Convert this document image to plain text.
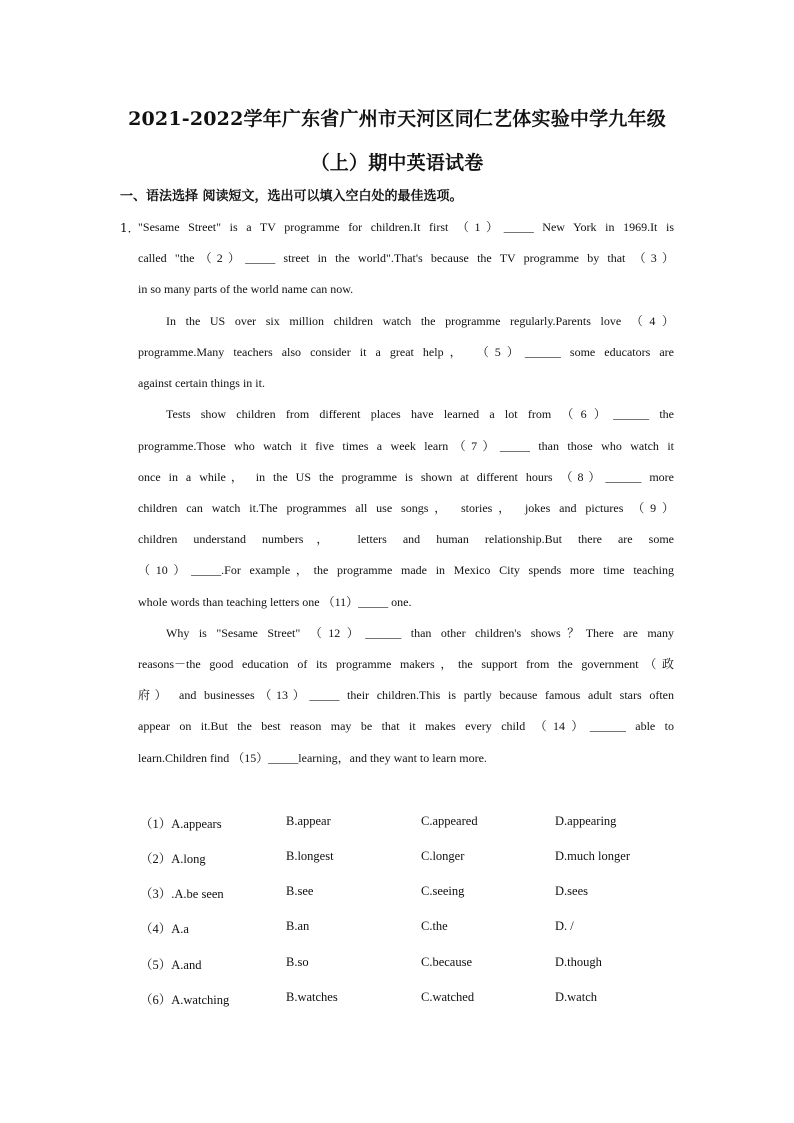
2021-2022学年广东省广州市天河区同仁艺体实验中学九年级
（上）期中英语试卷
一、语法选择 阅读短文，选出可以填入空白处的最佳选项。
1．
"Sesame Street" is a TV programme for children.It first （1）_____ New York in 1969.It is
called "the（2）_____ street in the world".That's because the TV programme by that （3）
in so many parts of the world name can now.
In the US over six million children watch the programme regularly.Parents love （4）
programme.Many teachers also consider it a great help， （5）______ some educators are
against certain things in it.
Tests show children from different places have learned a lot from （6）______ the
programme.Those who watch it five times a week learn（7）_____ than those who watch it
once in a while， in the US the programme is shown at different hours （8）______ more
children can watch it.The programmes all use songs， stories， jokes and pictures （9）
children understand numbers， letters and human relationship.But there are some
（10）_____.For example，the programme made in Mexico City spends more time teaching
whole words than teaching letters one （11）_____ one.
Why is "Sesame Street" （12）______ than other children's shows？There are many
reasons－the good education of its programme makers，the support from the government（政
府） and businesses（13）_____ their children.This is partly because famous adult stars often
appear on it.But the best reason may be that it makes every child （14）______ able to
learn.Children find （15）_____learning，and they want to learn more.
（1）A.appears	B.appear	C.appeared	D.appearing
（2）A.long	B.longest	C.longer	D.much longer
（3）.A.be seen	B.see	C.seeing	D.sees
（4）A.a	B.an	C.the	D. /
（5）A.and	B.so	C.because	D.though
（6）A.watching	B.watches	C.watched	D.watch
